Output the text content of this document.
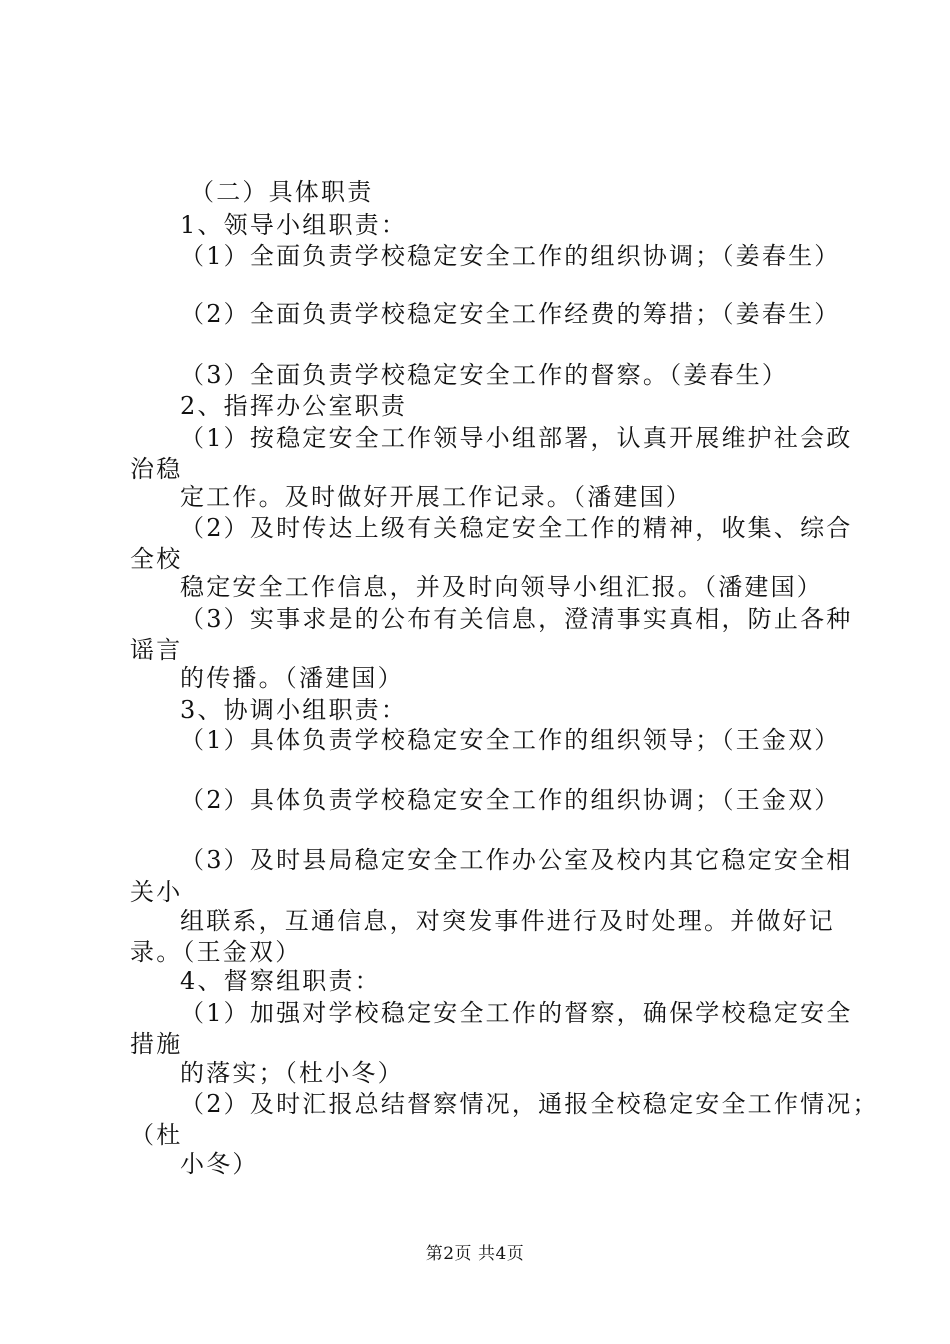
（二）具体职责
1、领导小组职责：
（1）全面负责学校稳定安全工作的组织协调；（姜春生）
（2）全面负责学校稳定安全工作经费的筹措；（姜春生）
（3）全面负责学校稳定安全工作的督察。（姜春生）
2、指挥办公室职责
（1）按稳定安全工作领导小组部署，认真开展维护社会政
治稳
定工作。及时做好开展工作记录。（潘建国）
（2）及时传达上级有关稳定安全工作的精神，收集、综合
全校
稳定安全工作信息，并及时向领导小组汇报。（潘建国）
（3）实事求是的公布有关信息，澄清事实真相，防止各种
谣言
的传播。（潘建国）
3、协调小组职责：
（1）具体负责学校稳定安全工作的组织领导；（王金双）
（2）具体负责学校稳定安全工作的组织协调；（王金双）
（3）及时县局稳定安全工作办公室及校内其它稳定安全相
关小
组联系，互通信息，对突发事件进行及时处理。并做好记
录。（王金双）
4、督察组职责：
（1）加强对学校稳定安全工作的督察，确保学校稳定安全
措施
的落实；（杜小冬）
（2）及时汇报总结督察情况，通报全校稳定安全工作情况；
（杜
小冬）
第2页 共4页
